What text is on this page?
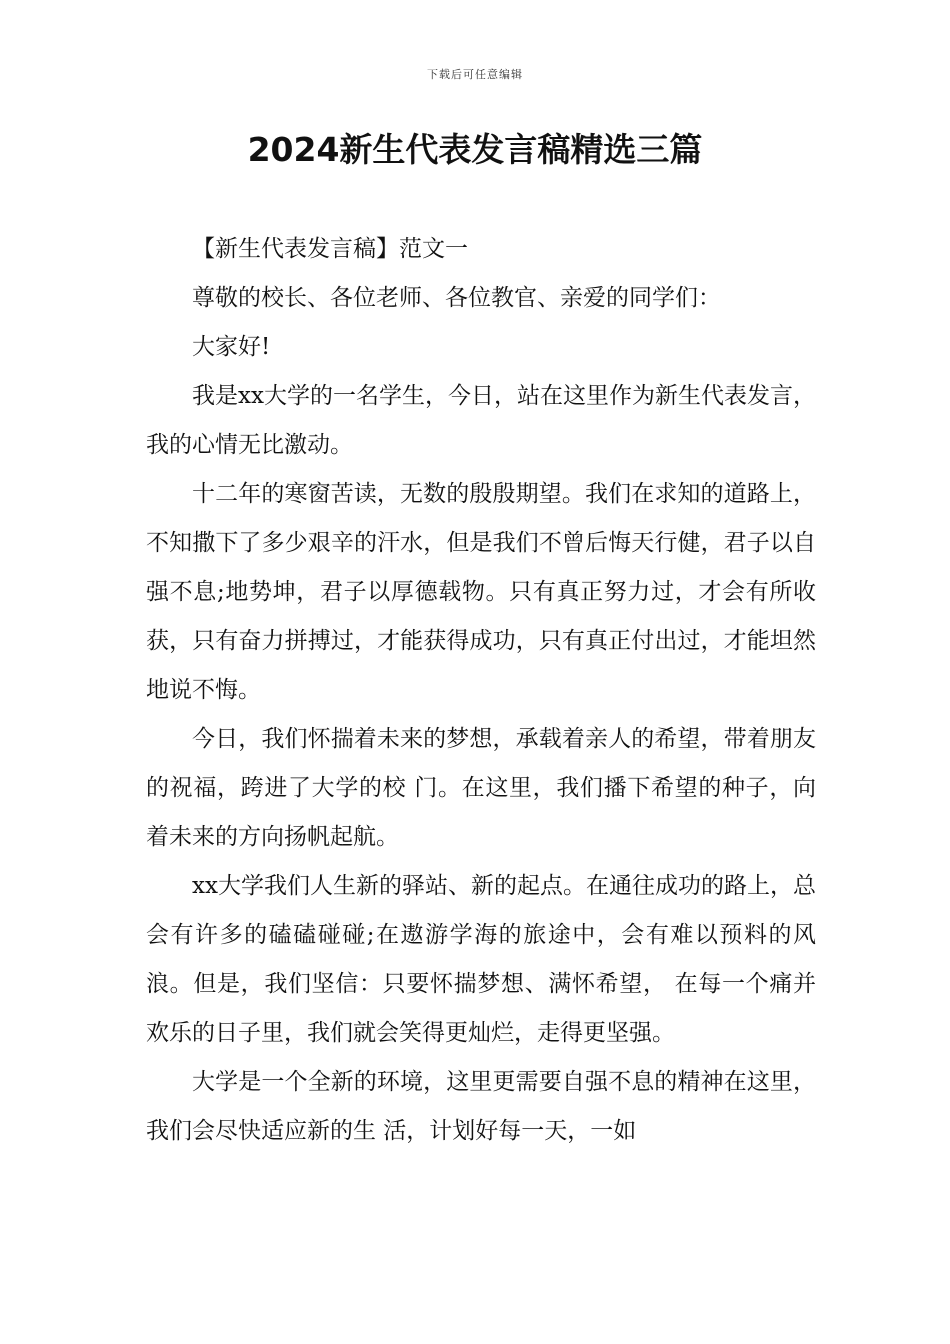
下载后可任意编辑
2024新生代表发言稿精选三篇

【新生代表发言稿】范文一

尊敬的校长、各位老师、各位教官、亲爱的同学们：

大家好!

我是xx大学的一名学生，今日，站在这里作为新生代表发言，我的心情无比激动。

十二年的寒窗苦读，无数的殷殷期望。我们在求知的道路上，不知撒下了多少艰辛的汗水，但是我们不曾后悔天行健，君子以自强不息;地势坤，君子以厚德载物。只有真正努力过，才会有所收获，只有奋力拼搏过，才能获得成功，只有真正付出过，才能坦然地说不悔。

今日，我们怀揣着未来的梦想，承载着亲人的希望，带着朋友的祝福，跨进了大学的校 门。在这里，我们播下希望的种子，向着未来的方向扬帆起航。

xx大学我们人生新的驿站、新的起点。在通往成功的路上，总会有许多的磕磕碰碰;在遨游学海的旅途中，会有难以预料的风浪。但是，我们坚信：只要怀揣梦想、满怀希望， 在每一个痛并欢乐的日子里，我们就会笑得更灿烂，走得更坚强。

大学是一个全新的环境，这里更需要自强不息的精神在这里，我们会尽快适应新的生 活，计划好每一天，一如
